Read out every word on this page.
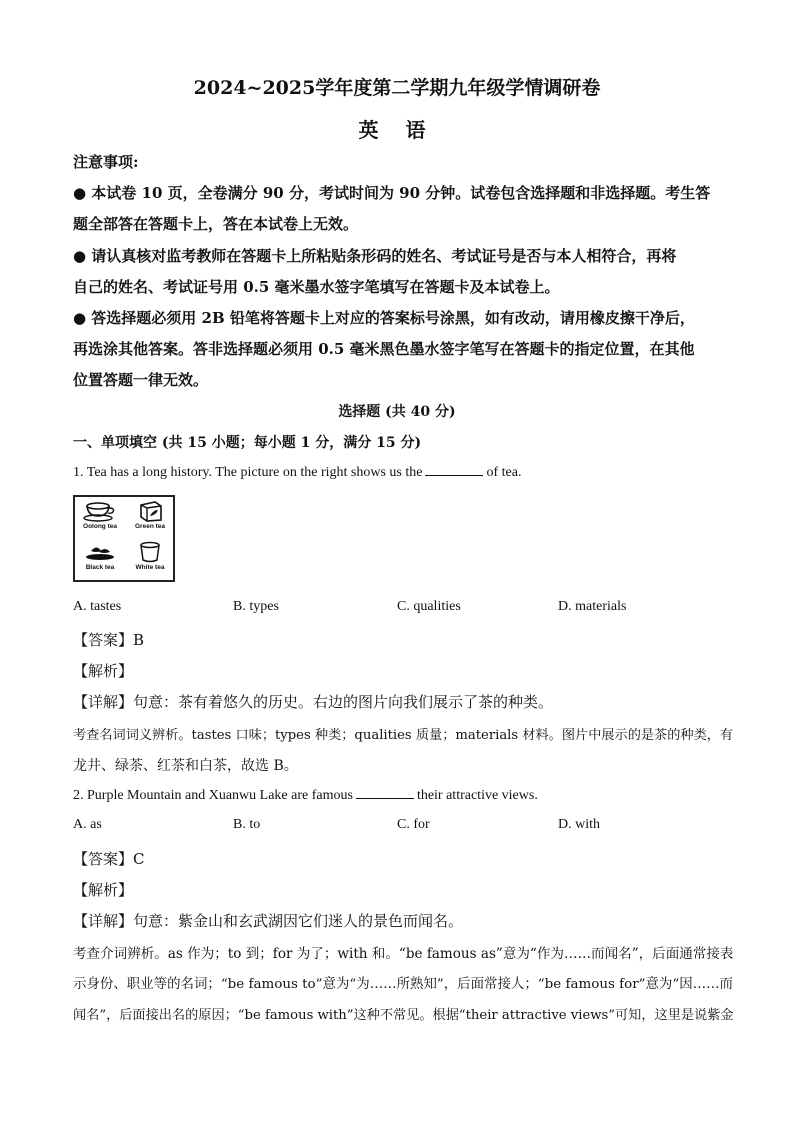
2024~2025学年度第二学期九年级学情调研卷
英 语
注意事项:
● 本试卷 10 页，全卷满分 90 分，考试时间为 90 分钟。试卷包含选择题和非选择题。考生答
题全部答在答题卡上，答在本试卷上无效。
● 请认真核对监考教师在答题卡上所粘贴条形码的姓名、考试证号是否与本人相符合，再将
自己的姓名、考试证号用 0.5 毫米墨水签字笔填写在答题卡及本试卷上。
● 答选择题必须用 2B 铅笔将答题卡上对应的答案标号涂黑，如有改动，请用橡皮擦干净后，
再选涂其他答案。答非选择题必须用 0.5 毫米黑色墨水签字笔写在答题卡的指定位置，在其他
位置答题一律无效。
选择题 (共 40 分)
一、单项填空 (共 15 小题；每小题 1 分，满分 15 分)
1. Tea has a long history. The picture on the right shows us the	of tea.
Oolong tea	Green tea
Black tea	White tea
A. tastes	B. types	C. qualities	D. materials
【答案】B
【解析】
【详解】句意：茶有着悠久的历史。右边的图片向我们展示了茶的种类。
考查名词词义辨析。tastes 口味；types 种类；qualities 质量；materials 材料。图片中展示的是茶的种类，有
龙井、绿茶、红茶和白茶，故选 B。
2. Purple Mountain and Xuanwu Lake are famous	their attractive views.
A. as	B. to	C. for	D. with
【答案】C
【解析】
【详解】句意：紫金山和玄武湖因它们迷人的景色而闻名。
考查介词辨析。as 作为；to 到；for 为了；with 和。“be famous as”意为“作为……而闻名”，后面通常接表
示身份、职业等的名词；“be famous to”意为“为……所熟知”，后面常接人；“be famous for”意为“因……而
闻名”，后面接出名的原因；“be famous with”这种不常见。根据“their attractive views”可知，这里是说紫金
